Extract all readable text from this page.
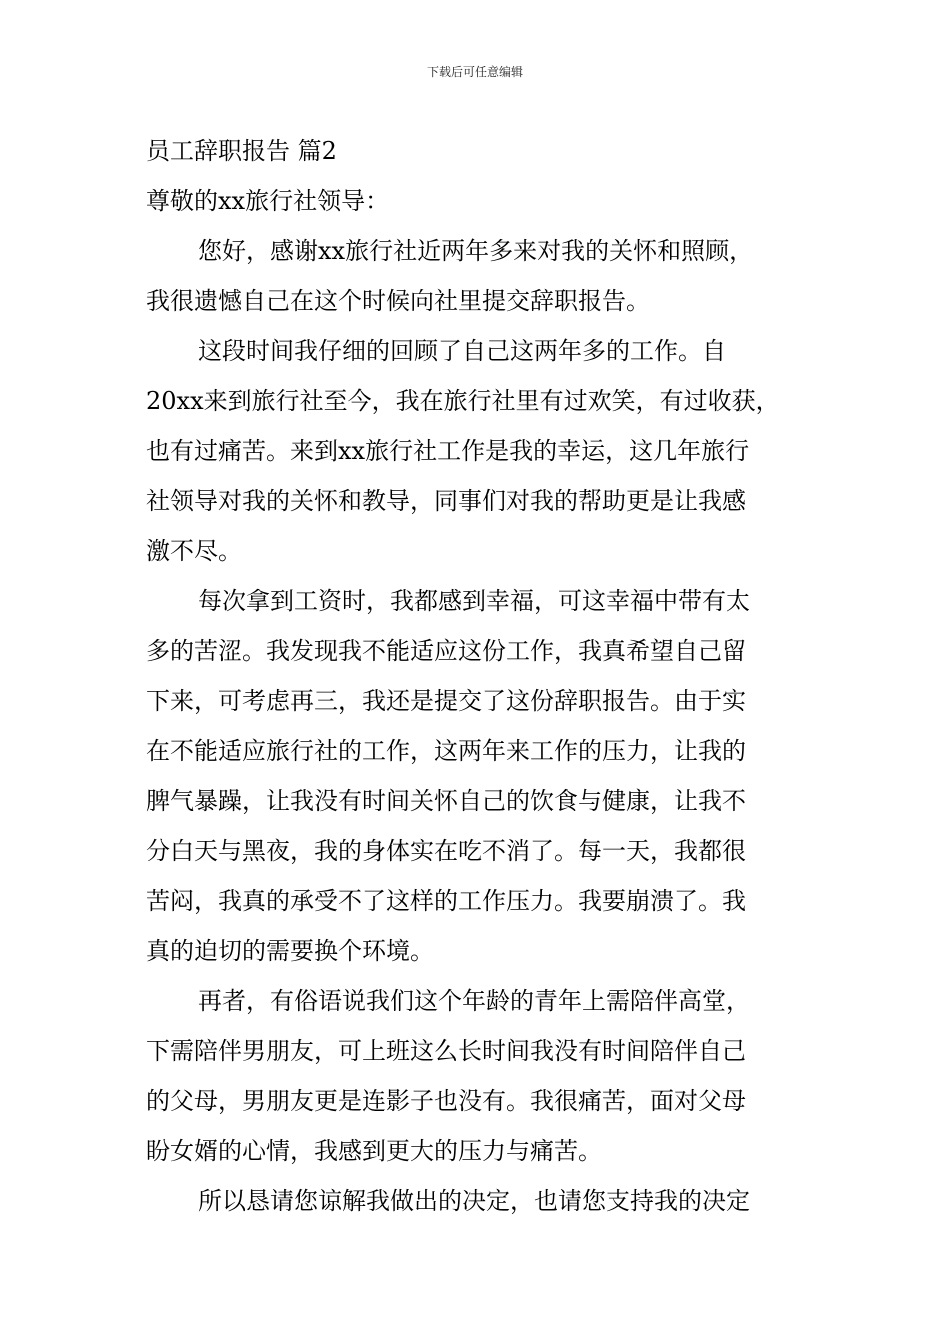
下载后可任意编辑
员工辞职报告 篇2
尊敬的xx旅行社领导：
您好，感谢xx旅行社近两年多来对我的关怀和照顾，
我很遗憾自己在这个时候向社里提交辞职报告。
这段时间我仔细的回顾了自己这两年多的工作。自
20xx来到旅行社至今，我在旅行社里有过欢笑，有过收获，
也有过痛苦。来到xx旅行社工作是我的幸运，这几年旅行
社领导对我的关怀和教导，同事们对我的帮助更是让我感
激不尽。
每次拿到工资时，我都感到幸福，可这幸福中带有太
多的苦涩。我发现我不能适应这份工作，我真希望自己留
下来，可考虑再三，我还是提交了这份辞职报告。由于实
在不能适应旅行社的工作，这两年来工作的压力，让我的
脾气暴躁，让我没有时间关怀自己的饮食与健康，让我不
分白天与黑夜，我的身体实在吃不消了。每一天，我都很
苦闷，我真的承受不了这样的工作压力。我要崩溃了。我
真的迫切的需要换个环境。
再者，有俗语说我们这个年龄的青年上需陪伴高堂，
下需陪伴男朋友，可上班这么长时间我没有时间陪伴自己
的父母，男朋友更是连影子也没有。我很痛苦，面对父母
盼女婿的心情，我感到更大的压力与痛苦。
所以恳请您谅解我做出的决定，也请您支持我的决定
